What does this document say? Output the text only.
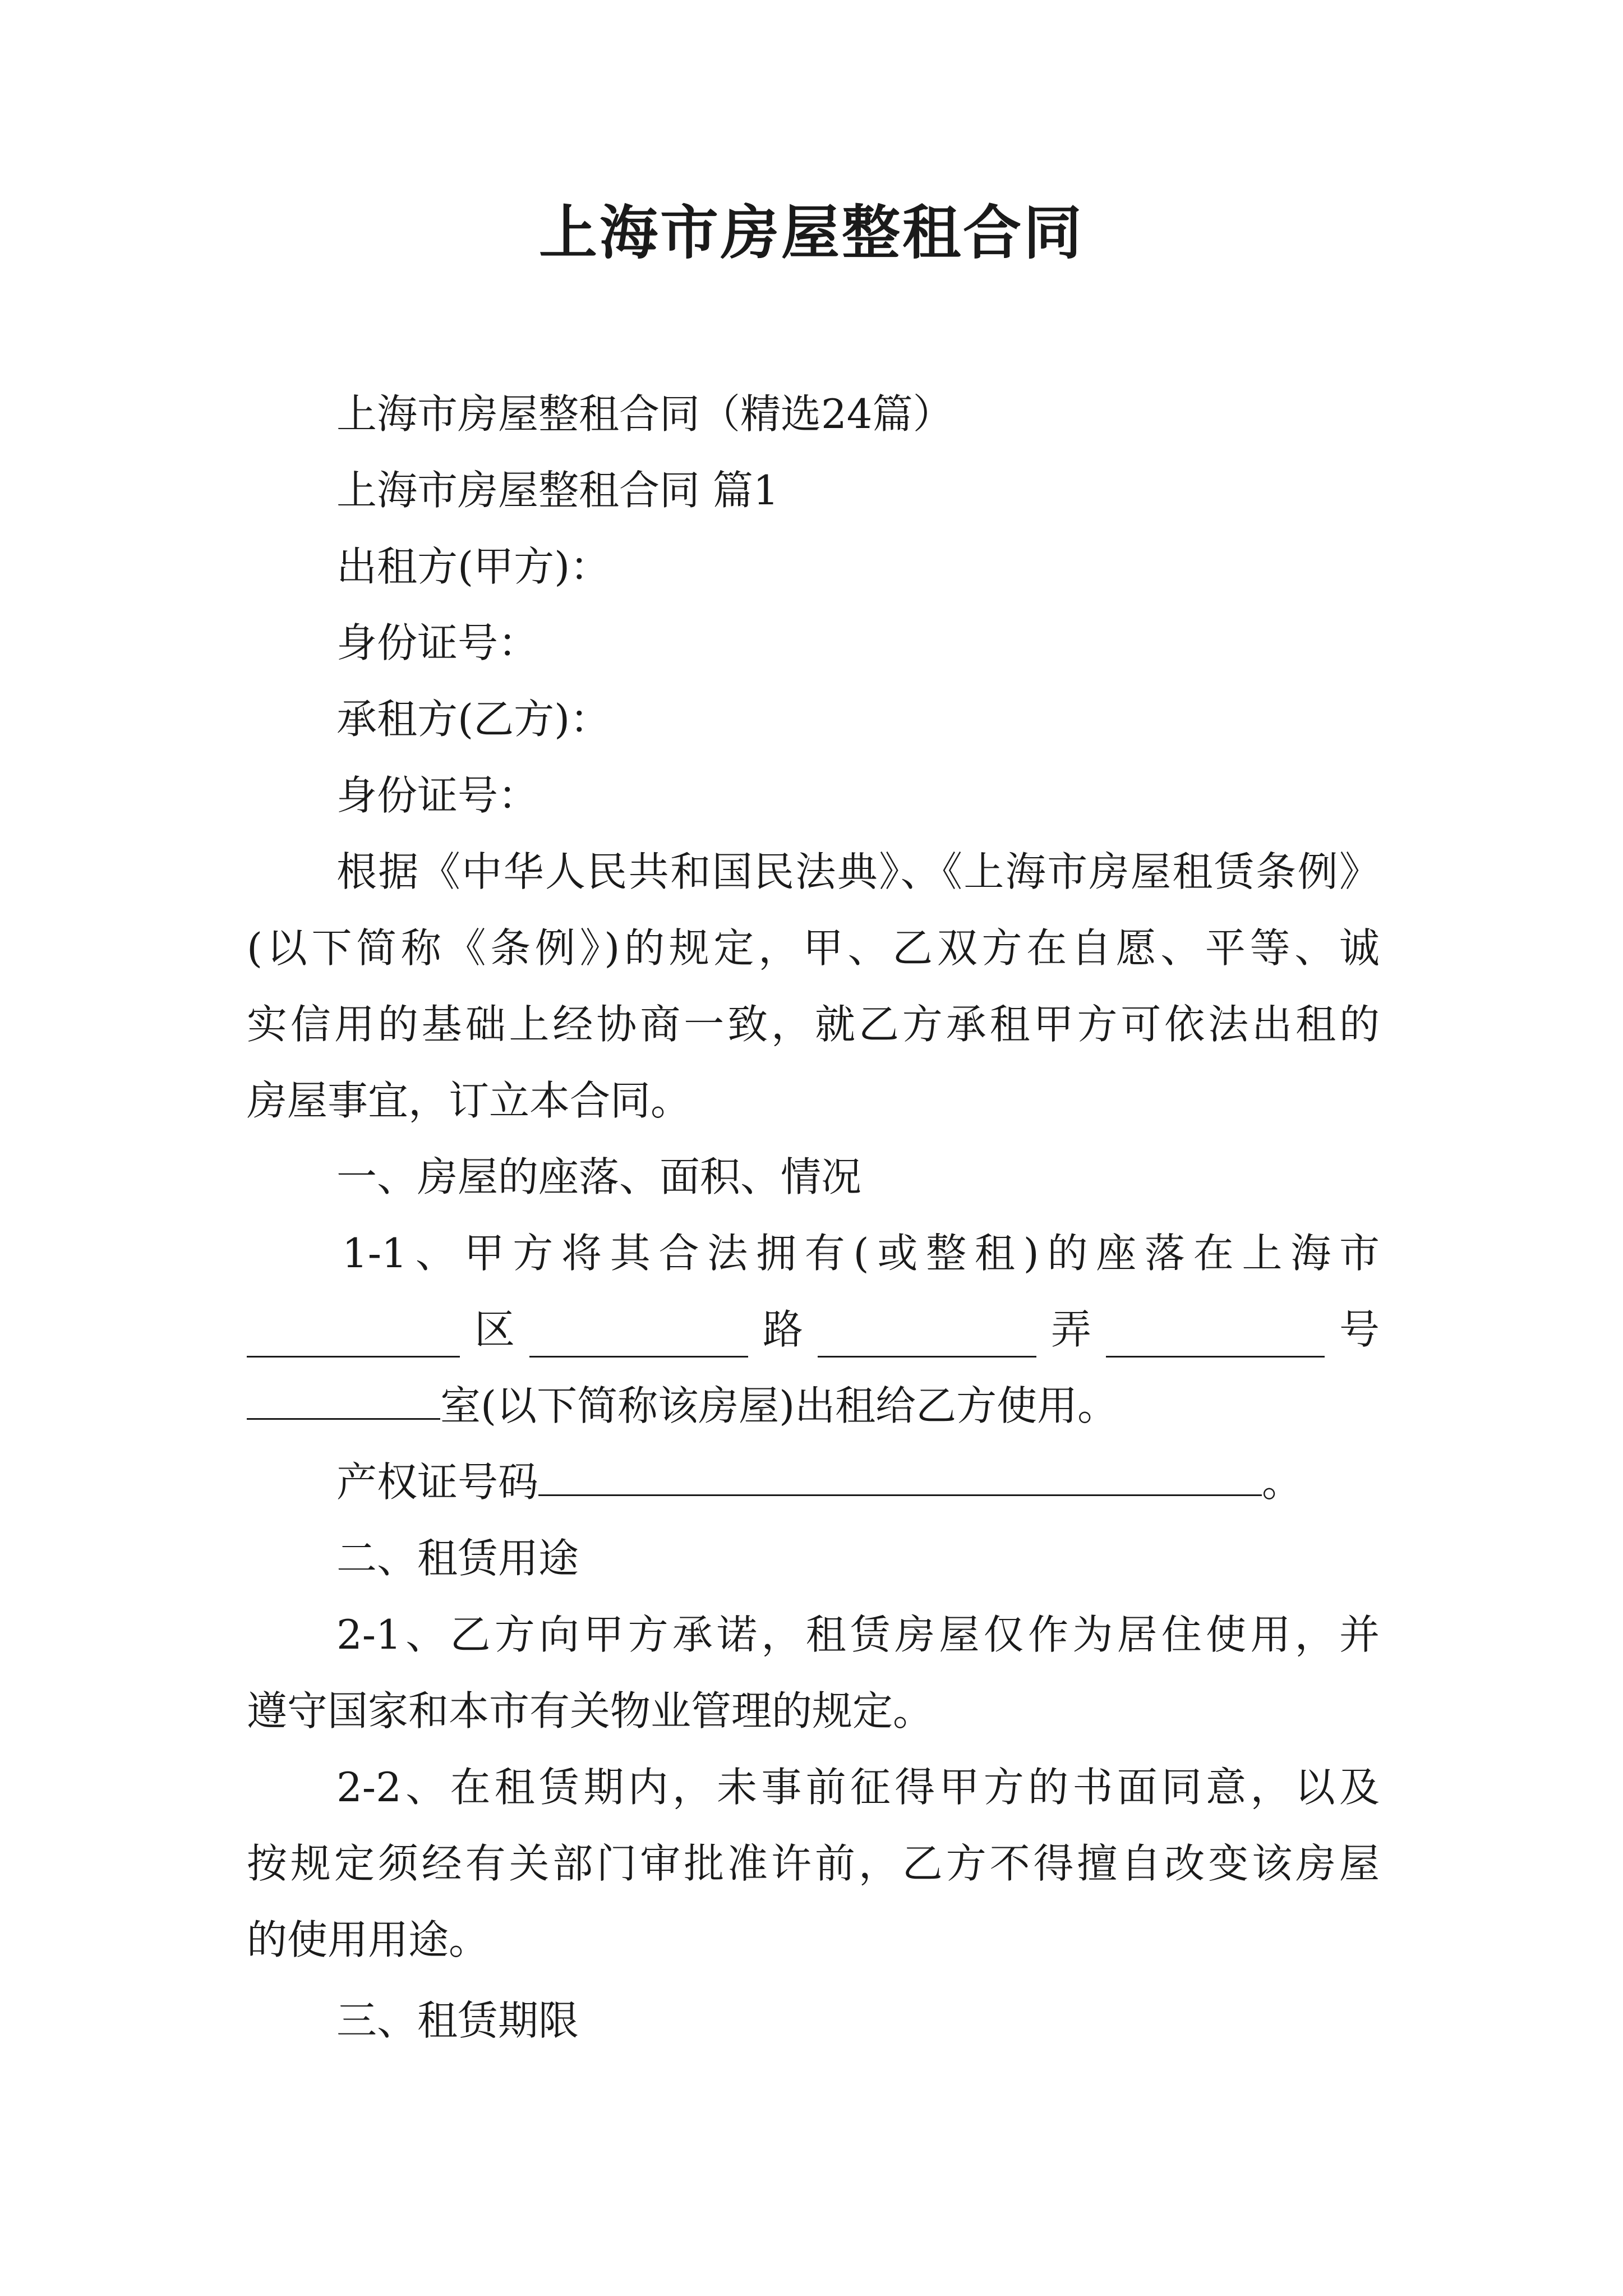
上海市房屋整租合同
上海市房屋整租合同（精选24篇）
上海市房屋整租合同 篇1
出租方(甲方)：
身份证号：
承租方(乙方)：
身份证号：
根据《中华人民共和国民法典》、《上海市房屋租赁条例》
(以下简称《条例》)的规定，甲、乙双方在自愿、平等、诚
实信用的基础上经协商一致，就乙方承租甲方可依法出租的
房屋事宜，订立本合同。
一、房屋的座落、面积、情况
1-1、甲方将其合法拥有(或整租)的座落在上海市
区	路	弄	号
室(以下简称该房屋)出租给乙方使用。
产权证号码	。
二、租赁用途
2-1、乙方向甲方承诺，租赁房屋仅作为居住使用，并
遵守国家和本市有关物业管理的规定。
2-2、在租赁期内，未事前征得甲方的书面同意，以及
按规定须经有关部门审批准许前，乙方不得擅自改变该房屋
的使用用途。
三、租赁期限
